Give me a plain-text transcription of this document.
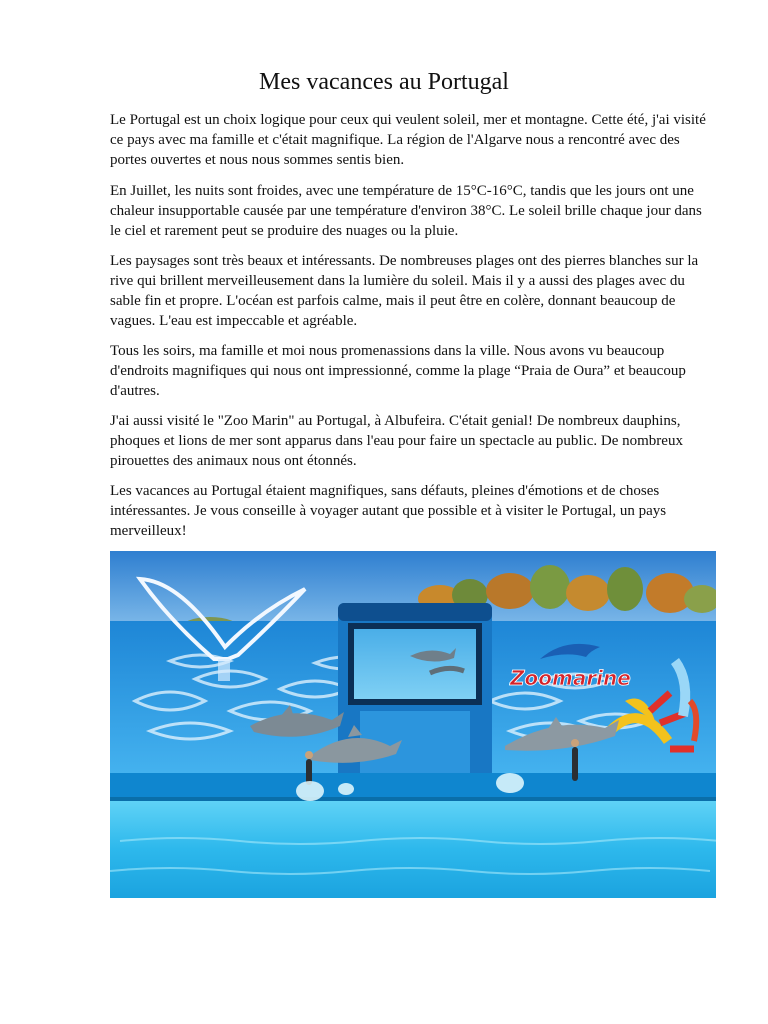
Mes vacances au Portugal

Le Portugal est un choix logique pour ceux qui veulent soleil, mer et montagne. Cette été, j'ai visité ce pays avec ma famille et c'était magnifique. La région de l'Algarve nous a rencontré avec des portes ouvertes et nous nous sommes sentis bien.

En Juillet, les nuits sont froides, avec une température de 15°C-16°C, tandis que les jours ont une chaleur insupportable causée par une température d'environ 38°C. Le soleil brille chaque jour dans le ciel et rarement peut se produire des nuages ou la pluie.

Les paysages sont très beaux et intéressants. De nombreuses plages ont des pierres blanches sur la rive qui brillent merveilleusement dans la lumière du soleil. Mais il y a aussi des plages avec du sable fin et propre. L'océan est parfois calme, mais il peut être en colère, donnant beaucoup de vagues. L'eau est impeccable et agréable.

Tous les soirs, ma famille et moi nous promenassions dans la ville. Nous avons vu beaucoup d'endroits magnifiques qui nous ont impressionné, comme la plage “Praia de Oura” et beaucoup d'autres.

J'ai aussi visité le "Zoo Marin" au Portugal, à Albufeira. C'était genial! De nombreux dauphins, phoques et lions de mer sont apparus dans l'eau pour faire un spectacle au public. De nombreux pirouettes des animaux nous ont étonnés.

Les vacances au Portugal étaient magnifiques, sans défauts, pleines d'émotions et de choses intéressantes. Je vous conseille à voyager autant que possible et à visiter le Portugal, un pays merveilleux!

Zoomarine
